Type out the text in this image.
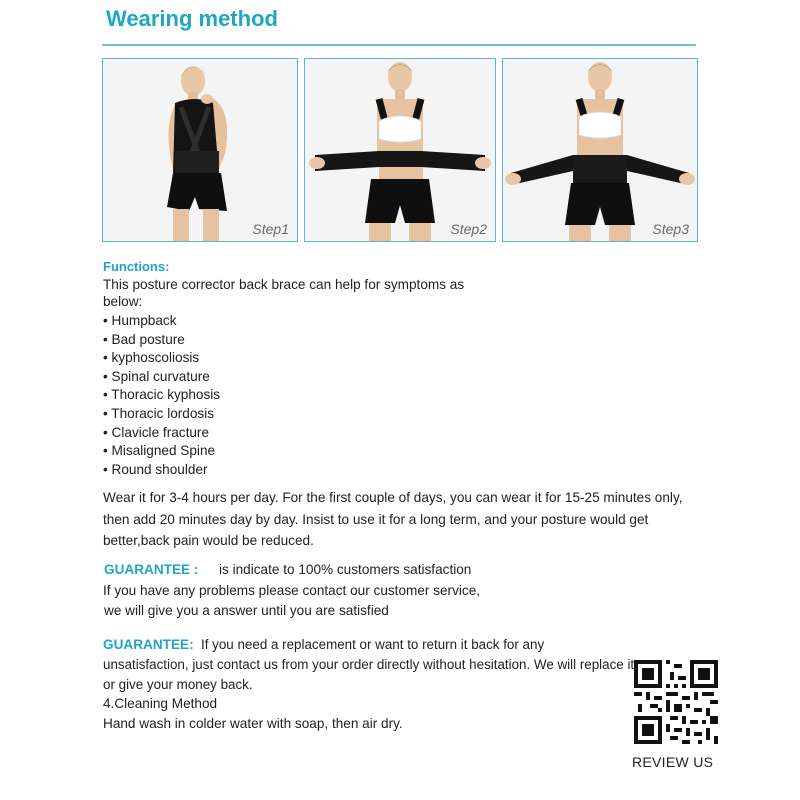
Wearing method
Step1	Step2	Step3
Functions:
This posture corrector back brace can help for symptoms as
below:
• Humpback
• Bad posture
• kyphoscoliosis
• Spinal curvature
• Thoracic kyphosis
• Thoracic lordosis
• Clavicle fracture
• Misaligned Spine
• Round shoulder
Wear it for 3-4 hours per day. For the first couple of days, you can wear it for 15-25 minutes only, then add 20 minutes day by day. Insist to use it for a long term, and your posture would get better,back pain would be reduced.
GUARANTEE : is indicate to 100% customers satisfaction
If you have any problems please contact our customer service,
we will give you a answer until you are satisfied
GUARANTEE: If you need a replacement or want to return it back for any
unsatisfaction, just contact us from your order directly without hesitation. We will replace it
or give your money back.
4.Cleaning Method
Hand wash in colder water with soap, then air dry.
REVIEW US
